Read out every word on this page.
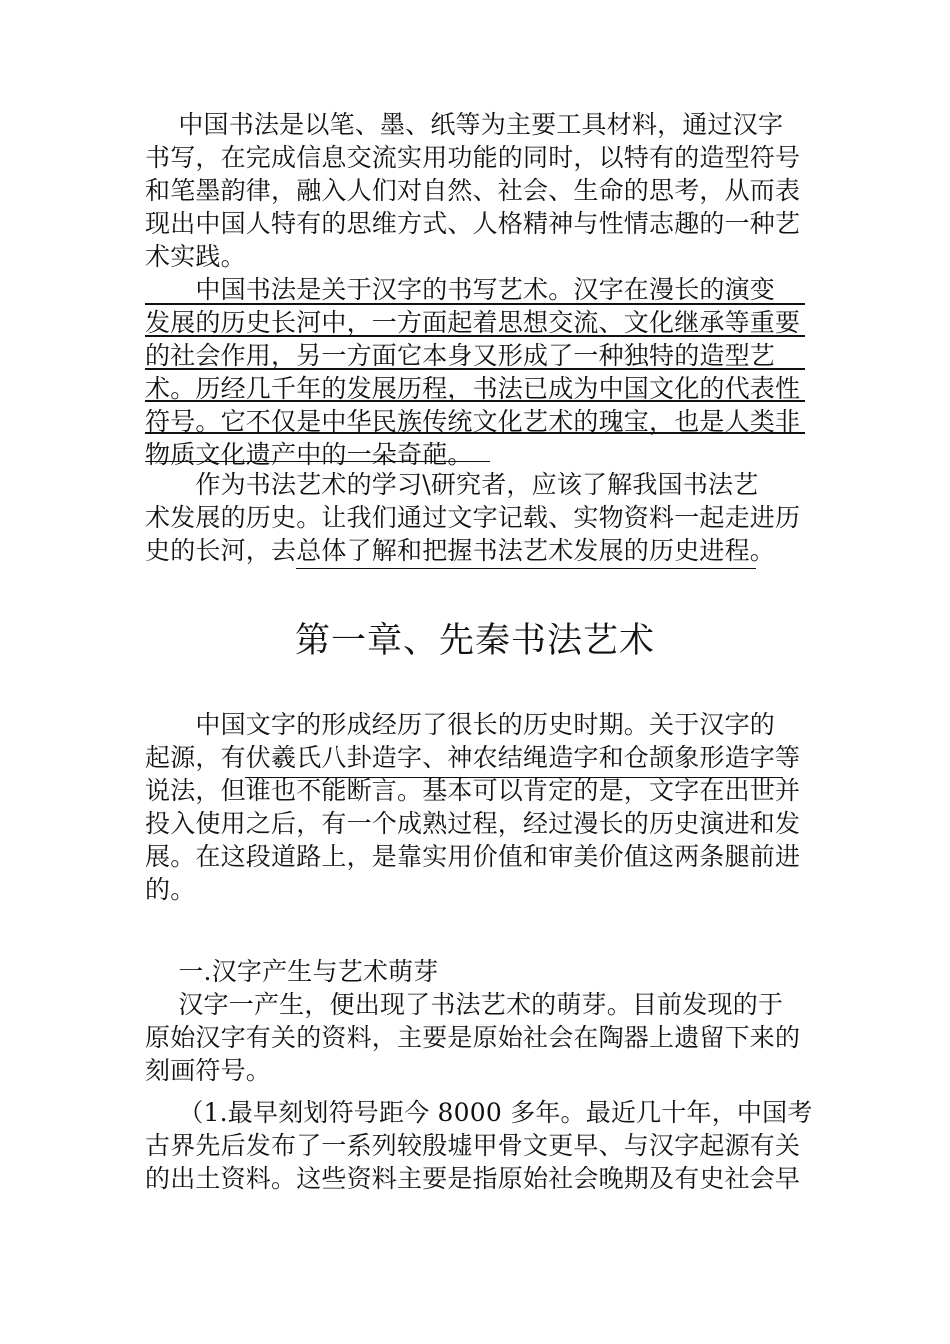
　 中国书法是以笔、墨、纸等为主要工具材料，通过汉字
书写，在完成信息交流实用功能的同时，以特有的造型符号
和笔墨韵律，融入人们对自然、社会、生命的思考，从而表
现出中国人特有的思维方式、人格精神与性情志趣的一种艺
术实践。
　　中国书法是关于汉字的书写艺术。汉字在漫长的演变
发展的历史长河中，一方面起着思想交流、文化继承等重要
的社会作用，另一方面它本身又形成了一种独特的造型艺
术。历经几千年的发展历程，书法已成为中国文化的代表性
符号。它不仅是中华民族传统文化艺术的瑰宝，也是人类非
物质文化遗产中的一朵奇葩。
　　作为书法艺术的学习\研究者，应该了解我国书法艺
术发展的历史。让我们通过文字记载、实物资料一起走进历
史的长河，去总体了解和把握书法艺术发展的历史进程。
第一章、先秦书法艺术
　　中国文字的形成经历了很长的历史时期。关于汉字的
起源，有伏羲氏八卦造字、神农结绳造字和仓颉象形造字等
说法，但谁也不能断言。基本可以肯定的是，文字在出世并
投入使用之后，有一个成熟过程，经过漫长的历史演进和发
展。在这段道路上，是靠实用价值和审美价值这两条腿前进
的。
　 一.汉字产生与艺术萌芽
　 汉字一产生，便出现了书法艺术的萌芽。目前发现的于
原始汉字有关的资料，主要是原始社会在陶器上遗留下来的
刻画符号。
　 （1.最早刻划符号距今 8000 多年。最近几十年，中国考
古界先后发布了一系列较殷墟甲骨文更早、与汉字起源有关
的出土资料。这些资料主要是指原始社会晚期及有史社会早
